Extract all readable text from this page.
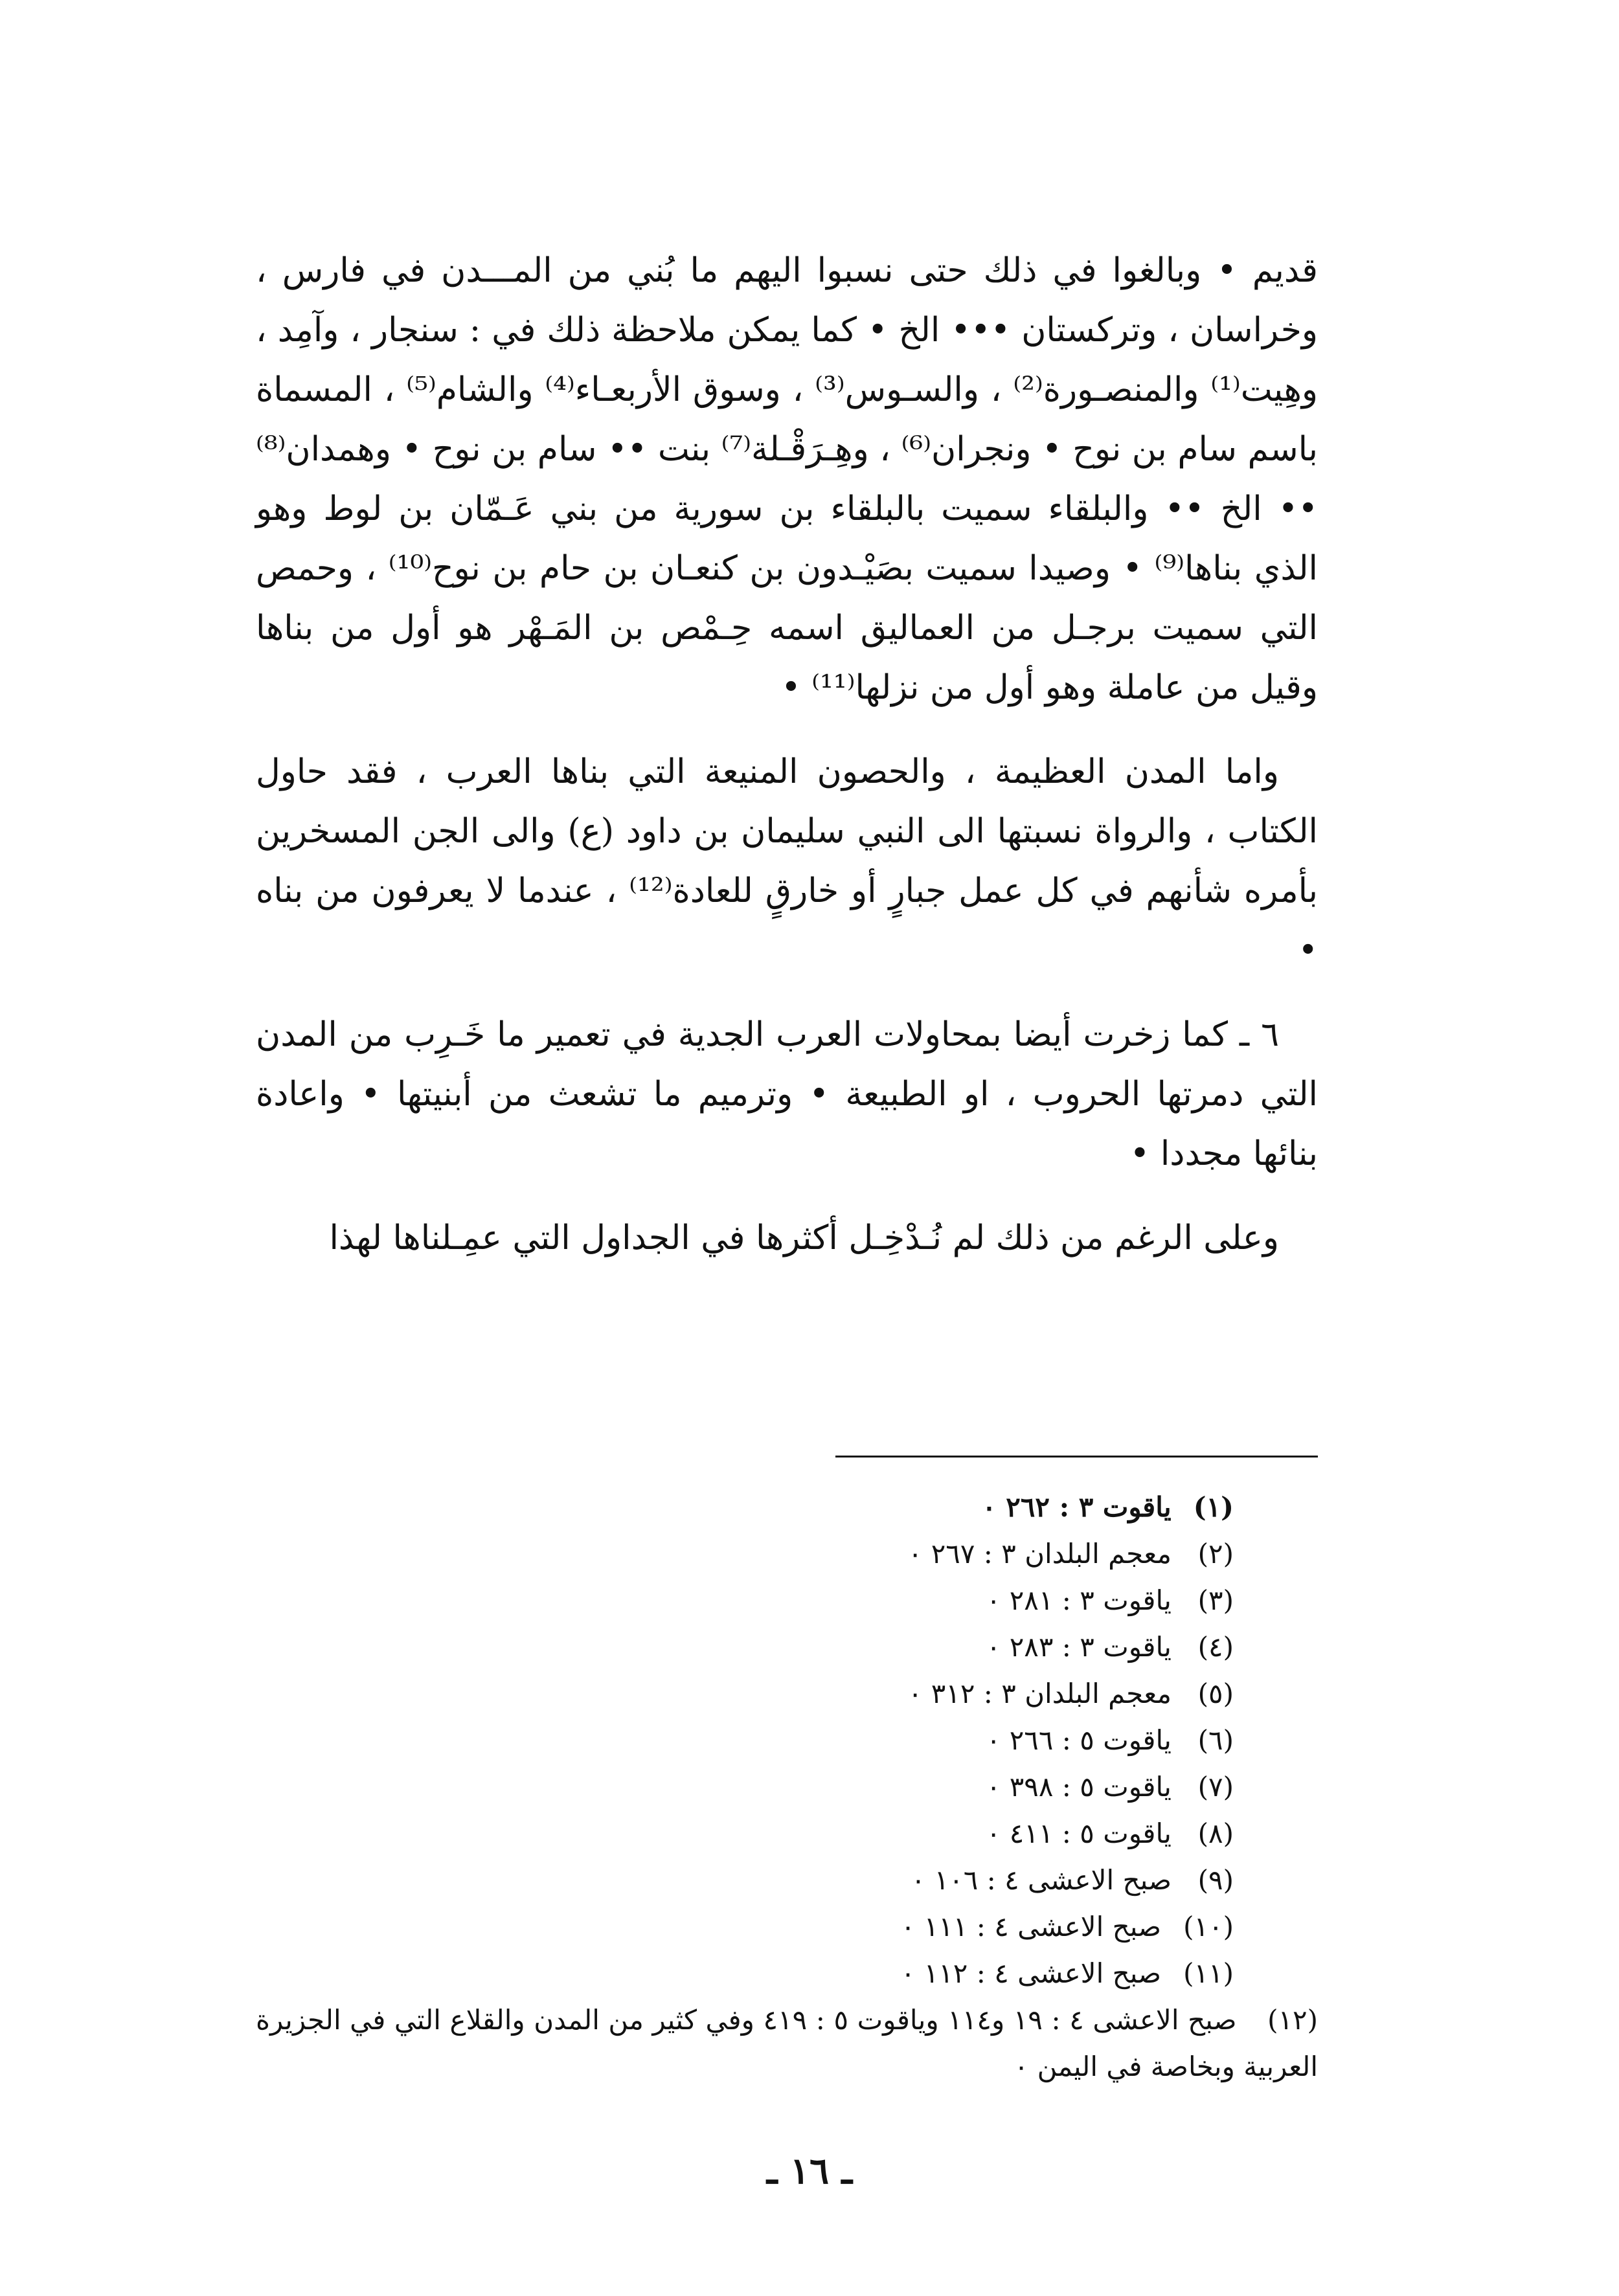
قديم • وبالغوا في ذلك حتى نسبوا اليهم ما بُني من المـــدن في فارس ، وخراسان ، وتركستان ••• الخ • كما يمكن ملاحظة ذلك في : سنجار ، وآمِد ، وهِيت⁽¹⁾ والمنصـورة⁽²⁾ ، والسـوس⁽³⁾ ، وسوق الأربعـاء⁽⁴⁾ والشام⁽⁵⁾ ، المسماة باسم سام بن نوح • ونجران⁽⁶⁾ ، وهِـرَقْـلة⁽⁷⁾ بنت •• سام بن نوح • وهمدان⁽⁸⁾ •• الخ •• والبلقاء سميت بالبلقاء بن سورية من بني عَـمّان بن لوط وهو الذي بناها⁽⁹⁾ • وصيدا سميت بصَيْـدون بن كنعـان بن حام بن نوح⁽¹⁰⁾ ، وحمص التي سميت برجـل من العماليق اسمه حِـمْص بن المَـهْر هو أول من بناها وقيل من عاملة وهو أول من نزلها⁽¹¹⁾ •

واما المدن العظيمة ، والحصون المنيعة التي بناها العرب ، فقد حاول الكتاب ، والرواة نسبتها الى النبي سليمان بن داود (ع) والى الجن المسخرين بأمره شأنهم في كل عمل جبارٍ أو خارقٍ للعادة⁽¹²⁾ ، عندما لا يعرفون من بناه •

٦ ـ كما زخرت أيضا بمحاولات العرب الجدية في تعمير ما خَـرِب من المدن التي دمرتها الحروب ، او الطبيعة • وترميم ما تشعث من أبنيتها • واعادة بنائها مجددا •

وعلى الرغم من ذلك لم نُـدْخِـل أكثرها في الجداول التي عمِـلناها لهذا

(١)
ياقوت ٣ : ٢٦٢ ٠
(٢)
معجم البلدان ٣ : ٢٦٧ ٠
(٣)
ياقوت ٣ : ٢٨١ ٠
(٤)
ياقوت ٣ : ٢٨٣ ٠
(٥)
معجم البلدان ٣ : ٣١٢ ٠
(٦)
ياقوت ٥ : ٢٦٦ ٠
(٧)
ياقوت ٥ : ٣٩٨ ٠
(٨)
ياقوت ٥ : ٤١١ ٠
(٩)
صبح الاعشى ٤ : ١٠٦ ٠
(١٠)
صبح الاعشى ٤ : ١١١ ٠
(١١)
صبح الاعشى ٤ : ١١٢ ٠
(١٢) صبح الاعشى ٤ : ١٩ و١١٤ وياقوت ٥ : ٤١٩ وفي كثير من المدن والقلاع التي في الجزيرة العربية وبخاصة في اليمن ٠
ـ ١٦ ـ
